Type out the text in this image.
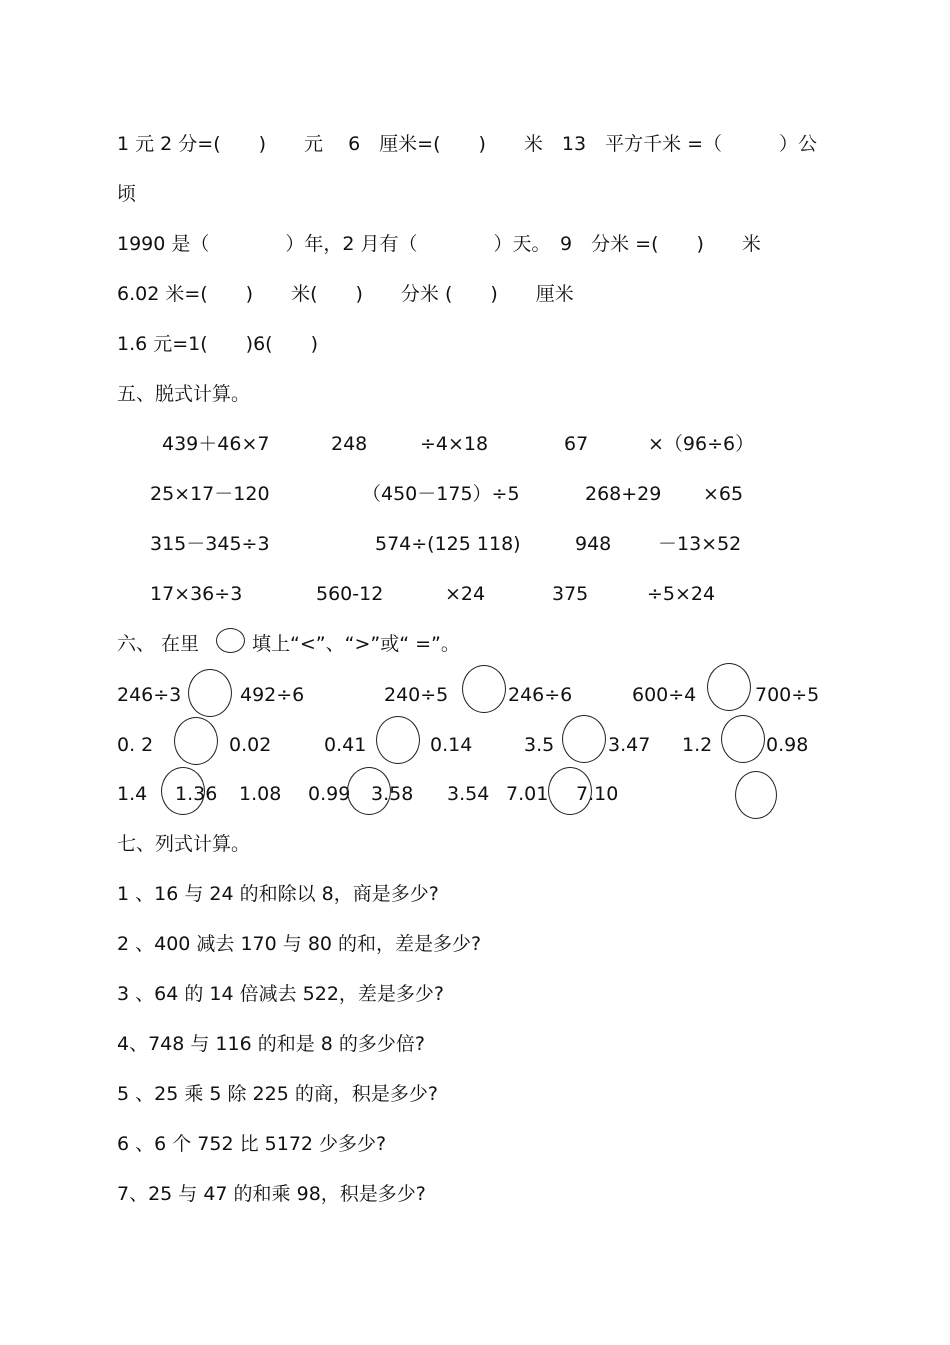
1 元 2 分=(　　)　　元　 6　厘米=(　　)　　米　13　平方千米 =（　　　）公
顷
1990 是（　　　　）年，2 月有（　　　　）天。　9　分米 =(　　)　　米
6.02 米=(　　)　　米(　　)　　分米 (　　)　　厘米
1.6 元=1(　　)6(　　)
五、脱式计算。
439＋46×7	248	÷4×18	67	×（96÷6）
25×17－120	（450－175）÷5	268+29 ×65
315－345÷3	574÷(125 118)	948 －13×52
17×36÷3	560-12	×24	375	÷5×24
六、 在里	填上“<”、“>”或“ =”。
246÷3	492÷6	240÷5	246÷6	600÷4	700÷5
0. 2	0.02	0.41	0.14	3.5	3.47 1.2	0.98
1.4 1.36 1.08 0.99 3.58 3.54 7.01 7.10
七、列式计算。
1 、16 与 24 的和除以 8，商是多少?
2 、400 减去 170 与 80 的和，差是多少?
3 、64 的 14 倍减去 522，差是多少?
4、748 与 116 的和是 8 的多少倍?
5 、25 乘 5 除 225 的商，积是多少?
6 、6 个 752 比 5172 少多少?
7、25 与 47 的和乘 98，积是多少?
